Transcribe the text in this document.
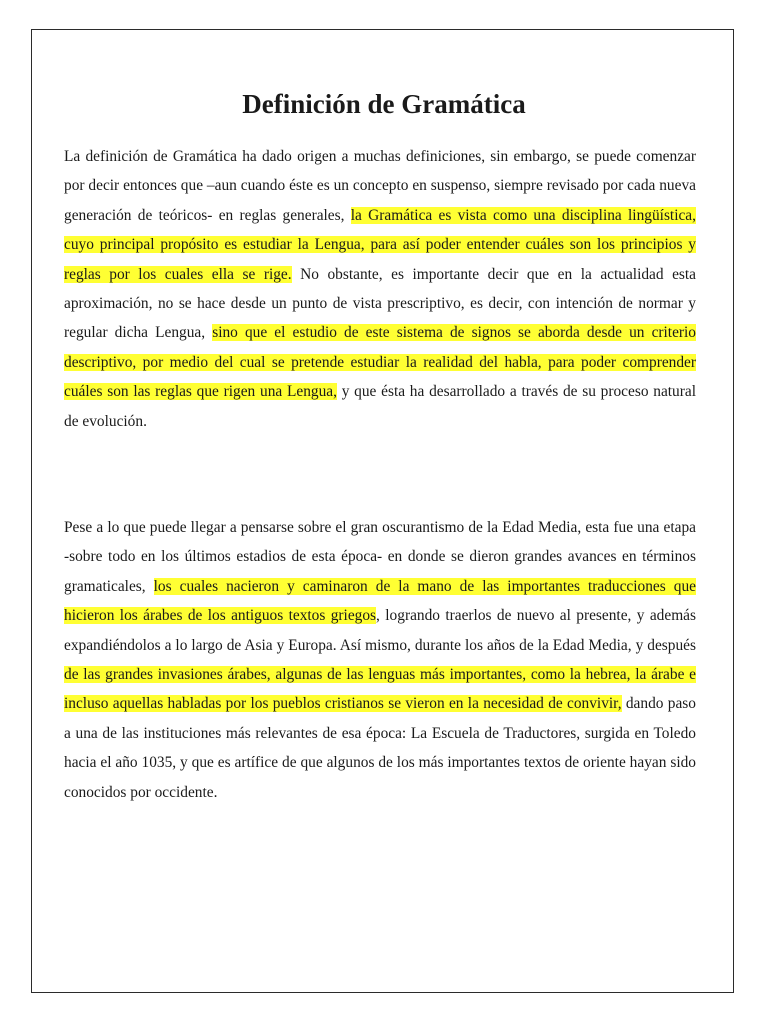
Definición de Gramática

La definición de Gramática ha dado origen a muchas definiciones, sin embargo, se puede comenzar por decir entonces que –aun cuando éste es un concepto en suspenso, siempre revisado por cada nueva generación de teóricos- en reglas generales, la Gramática es vista como una disciplina lingüística, cuyo principal propósito es estudiar la Lengua, para así poder entender cuáles son los principios y reglas por los cuales ella se rige. No obstante, es importante decir que en la actualidad esta aproximación, no se hace desde un punto de vista prescriptivo, es decir, con intención de normar y regular dicha Lengua, sino que el estudio de este sistema de signos se aborda desde un criterio descriptivo, por medio del cual se pretende estudiar la realidad del habla, para poder comprender cuáles son las reglas que rigen una Lengua, y que ésta ha desarrollado a través de su proceso natural de evolución.

Pese a lo que puede llegar a pensarse sobre el gran oscurantismo de la Edad Media, esta fue una etapa -sobre todo en los últimos estadios de esta época- en donde se dieron grandes avances en términos gramaticales, los cuales nacieron y caminaron de la mano de las importantes traducciones que hicieron los árabes de los antiguos textos griegos, logrando traerlos de nuevo al presente, y además expandiéndolos a lo largo de Asia y Europa. Así mismo, durante los años de la Edad Media, y después de las grandes invasiones árabes, algunas de las lenguas más importantes, como la hebrea, la árabe e incluso aquellas habladas por los pueblos cristianos se vieron en la necesidad de convivir, dando paso a una de las instituciones más relevantes de esa época: La Escuela de Traductores, surgida en Toledo hacia el año 1035, y que es artífice de que algunos de los más importantes textos de oriente hayan sido conocidos por occidente.
